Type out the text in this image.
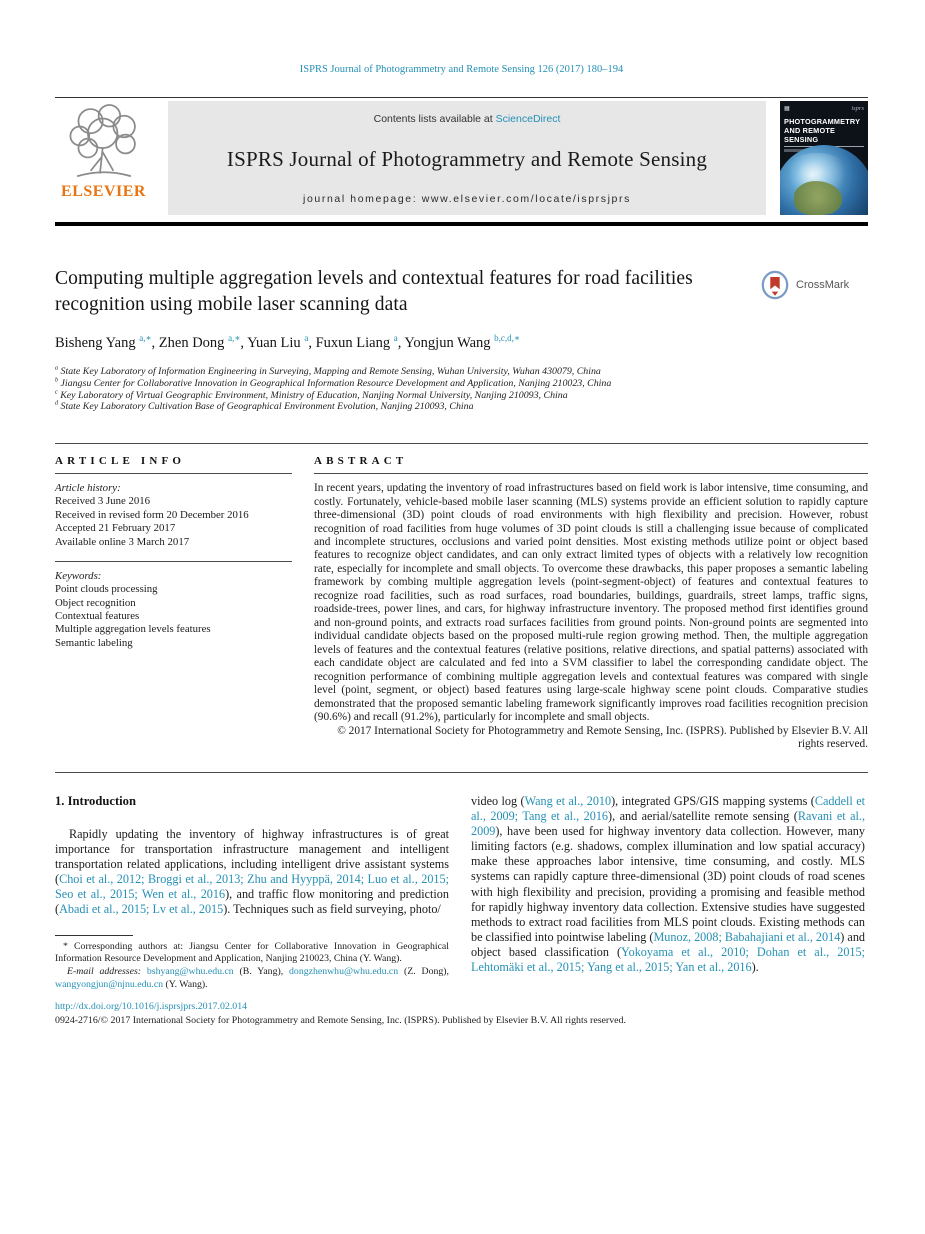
ISPRS Journal of Photogrammetry and Remote Sensing 126 (2017) 180–194
ELSEVIER
Contents lists available at ScienceDirect
ISPRS Journal of Photogrammetry and Remote Sensing
journal homepage: www.elsevier.com/locate/isprsjprs
▦	isprs
PHOTOGRAMMETRY
AND REMOTE SENSING
Computing multiple aggregation levels and contextual features for road facilities recognition using mobile laser scanning data
CrossMark
Bisheng Yang $^{a,∗}$, Zhen Dong $^{a,∗}$, Yuan Liu $^a$, Fuxun Liang $^a$, Yongjun Wang $^{b,c,d,∗}$
$^a$ State Key Laboratory of Information Engineering in Surveying, Mapping and Remote Sensing, Wuhan University, Wuhan 430079, China
$^b$ Jiangsu Center for Collaborative Innovation in Geographical Information Resource Development and Application, Nanjing 210023, China
$^c$ Key Laboratory of Virtual Geographic Environment, Ministry of Education, Nanjing Normal University, Nanjing 210093, China
$^d$ State Key Laboratory Cultivation Base of Geographical Environment Evolution, Nanjing 210093, China
ARTICLE INFO
Article history:
Received 3 June 2016
Received in revised form 20 December 2016
Accepted 21 February 2017
Available online 3 March 2017
Keywords:
Point clouds processing
Object recognition
Contextual features
Multiple aggregation levels features
Semantic labeling
ABSTRACT

In recent years, updating the inventory of road infrastructures based on field work is labor intensive, time consuming, and costly. Fortunately, vehicle-based mobile laser scanning (MLS) systems provide an efficient solution to rapidly capture three-dimensional (3D) point clouds of road environments with high flexibility and precision. However, robust recognition of road facilities from huge volumes of 3D point clouds is still a challenging issue because of complicated and incomplete structures, occlusions and varied point densities. Most existing methods utilize point or object based features to recognize object candidates, and can only extract limited types of objects with a relatively low recognition rate, especially for incomplete and small objects. To overcome these drawbacks, this paper proposes a semantic labeling framework by combing multiple aggregation levels (point-segment-object) of features and contextual features to recognize road facilities, such as road surfaces, road boundaries, buildings, guardrails, street lamps, traffic signs, roadside-trees, power lines, and cars, for highway infrastructure inventory. The proposed method first identifies ground and non-ground points, and extracts road surfaces facilities from ground points. Non-ground points are segmented into individual candidate objects based on the proposed multi-rule region growing method. Then, the multiple aggregation levels of features and the contextual features (relative positions, relative directions, and spatial patterns) associated with each candidate object are calculated and fed into a SVM classifier to label the corresponding candidate object. The recognition performance of combining multiple aggregation levels and contextual features was compared with single level (point, segment, or object) based features using large-scale highway scene point clouds. Comparative studies demonstrated that the proposed semantic labeling framework significantly improves road facilities recognition precision (90.6%) and recall (91.2%), particularly for incomplete and small objects.

© 2017 International Society for Photogrammetry and Remote Sensing, Inc. (ISPRS). Published by Elsevier B.V. All rights reserved.
1. Introduction

Rapidly updating the inventory of highway infrastructures is of great importance for transportation infrastructure management and intelligent transportation related applications, including intelligent drive assistant systems (Choi et al., 2012; Broggi et al., 2013; Zhu and Hyyppä, 2014; Luo et al., 2015; Seo et al., 2015; Wen et al., 2016), and traffic flow monitoring and prediction (Abadi et al., 2015; Lv et al., 2015). Techniques such as field surveying, photo/

* Corresponding authors at: Jiangsu Center for Collaborative Innovation in Geographical Information Resource Development and Application, Nanjing 210023, China (Y. Wang).

E-mail addresses: bshyang@whu.edu.cn (B. Yang), dongzhenwhu@whu.edu.cn (Z. Dong), wangyongjun@njnu.edu.cn (Y. Wang).

video log (Wang et al., 2010), integrated GPS/GIS mapping systems (Caddell et al., 2009; Tang et al., 2016), and aerial/satellite remote sensing (Ravani et al., 2009), have been used for highway inventory data collection. However, many limiting factors (e.g. shadows, complex illumination and low spatial accuracy) make these approaches labor intensive, time consuming, and costly. MLS systems can rapidly capture three-dimensional (3D) point clouds of road scenes with high flexibility and precision, providing a promising and feasible method for rapidly highway inventory data collection. Extensive studies have suggested methods to extract road facilities from MLS point clouds. Existing methods can be classified into pointwise labeling (Munoz, 2008; Babahajiani et al., 2014) and object based classification (Yokoyama et al., 2010; Dohan et al., 2015; Lehtomäki et al., 2015; Yang et al., 2015; Yan et al., 2016).

http://dx.doi.org/10.1016/j.isprsjprs.2017.02.014
0924-2716/© 2017 International Society for Photogrammetry and Remote Sensing, Inc. (ISPRS). Published by Elsevier B.V. All rights reserved.
